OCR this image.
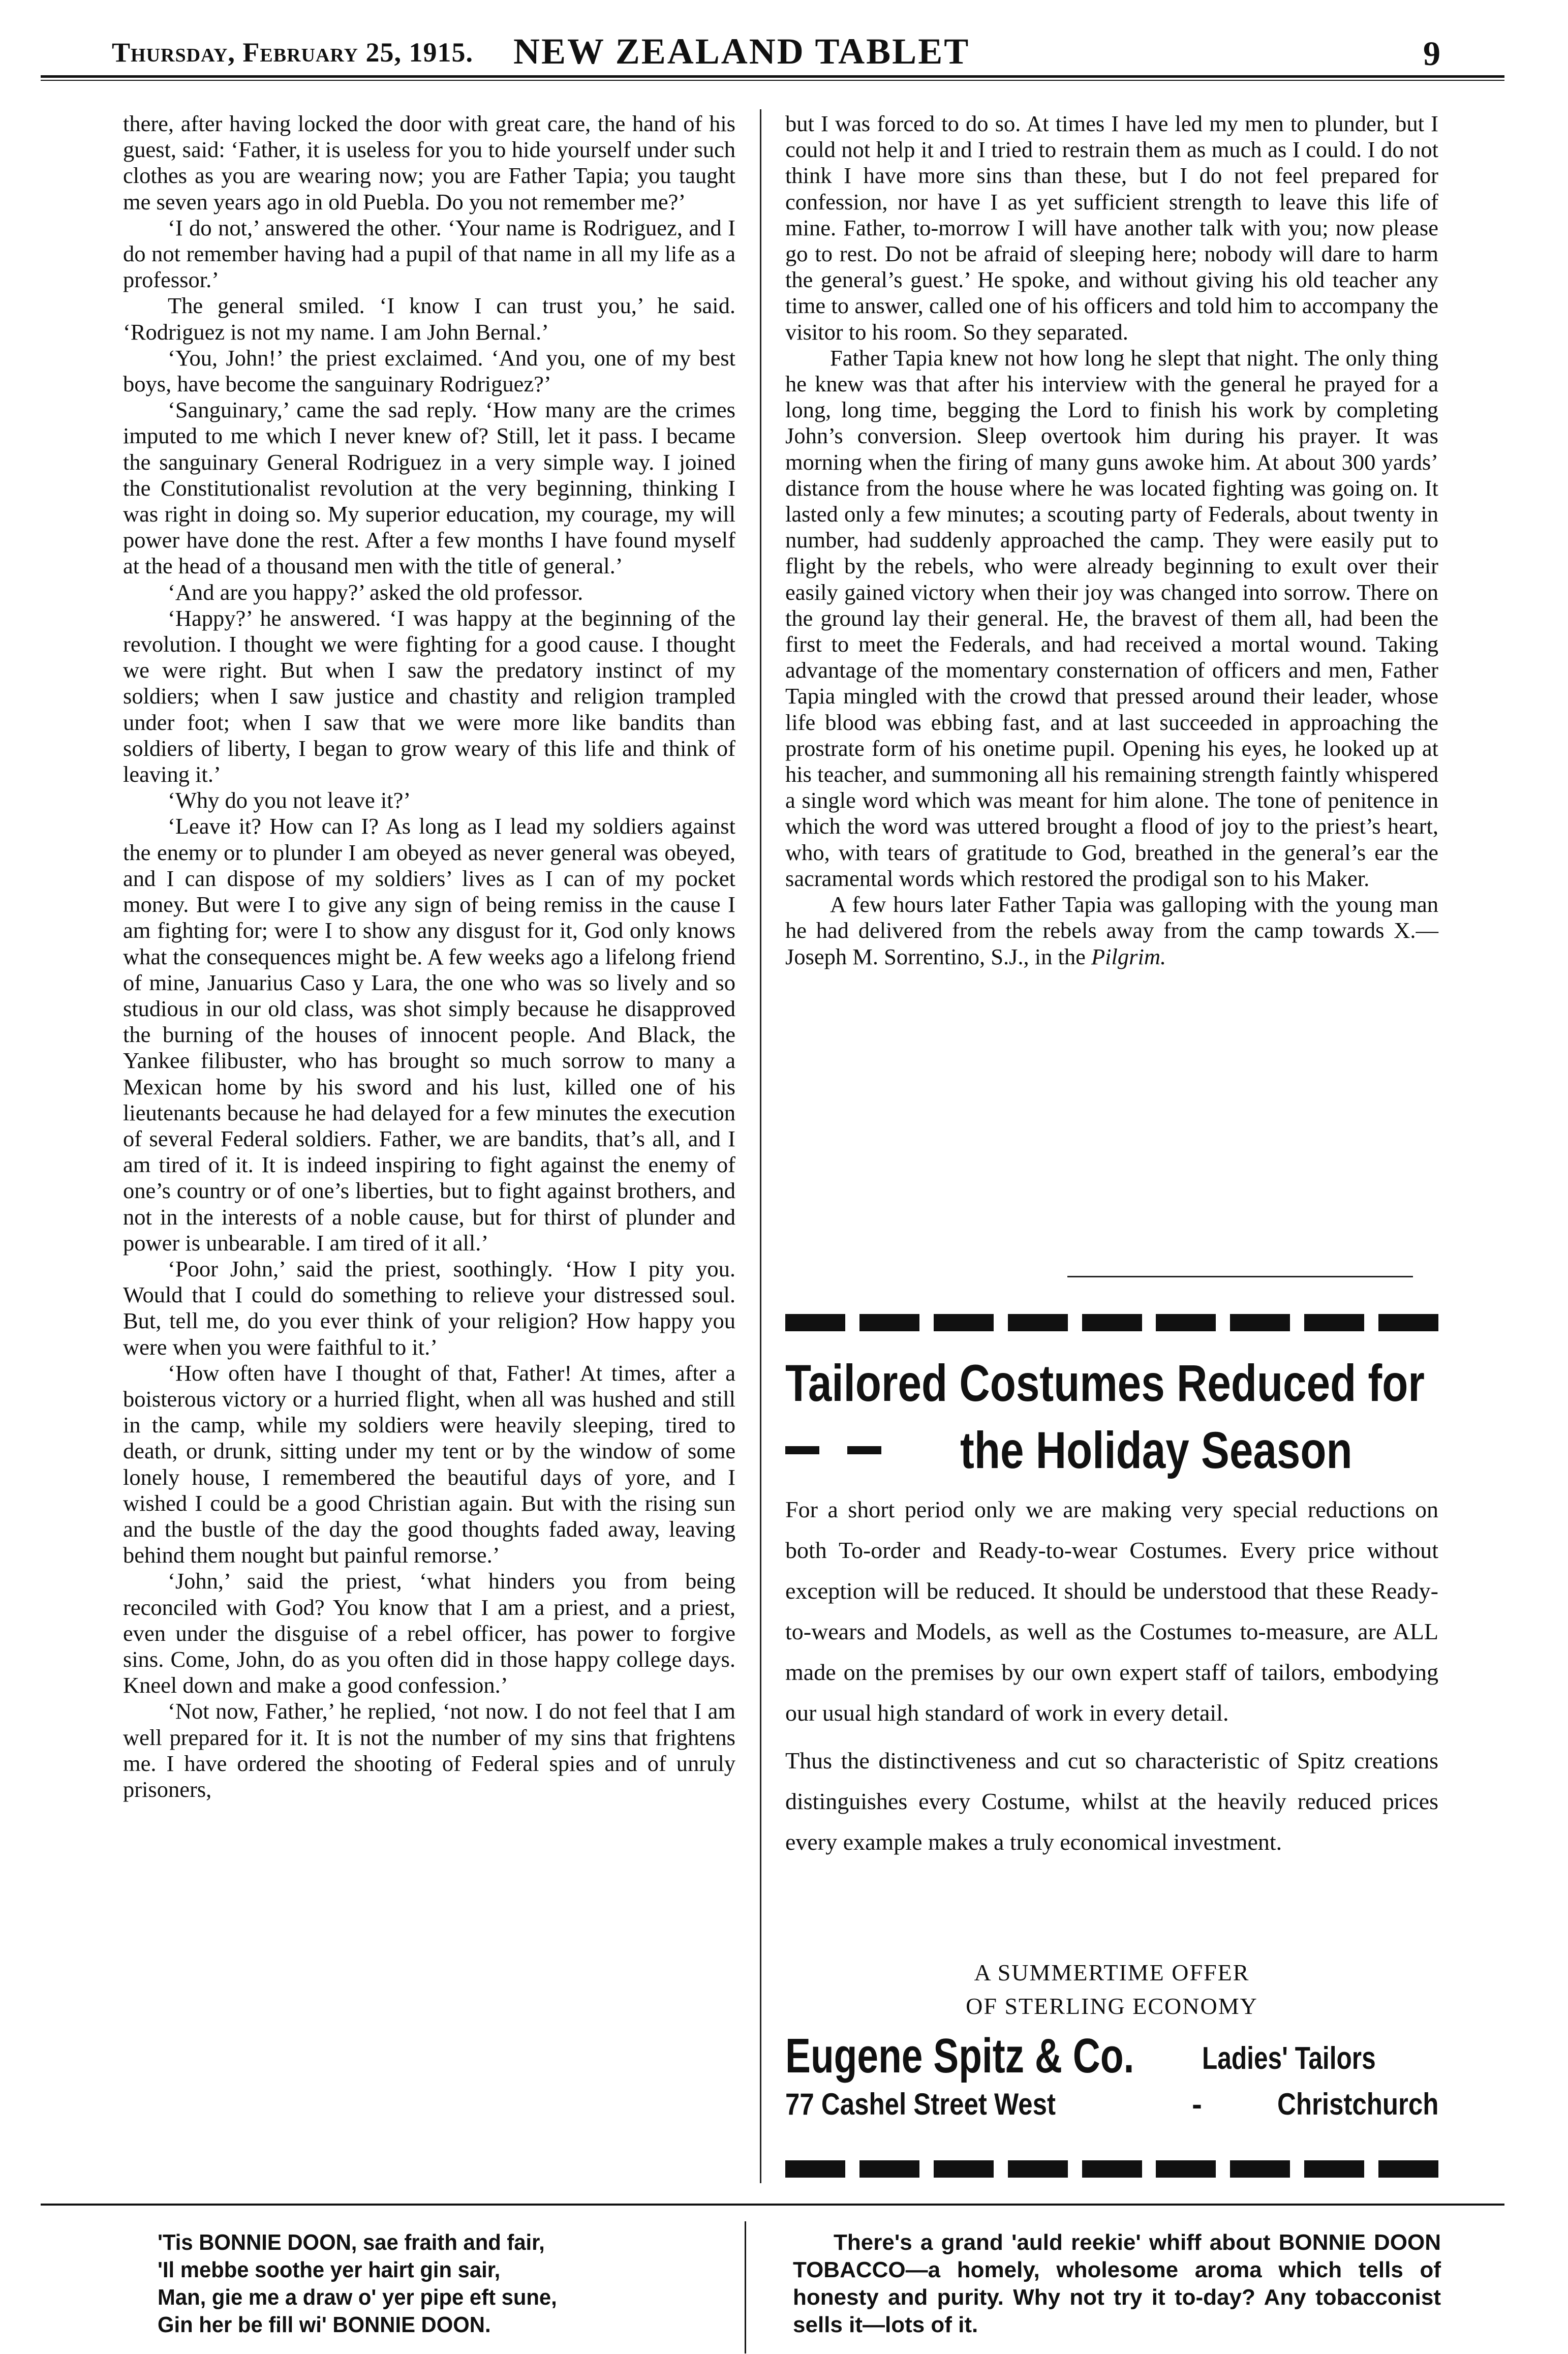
Thursday, February 25, 1915. NEW ZEALAND TABLET	9

there, after having locked the door with great care, the hand of his guest, said: ‘Father, it is useless for you to hide yourself under such clothes as you are wearing now; you are Father Tapia; you taught me seven years ago in old Puebla. Do you not remember me?’

‘I do not,’ answered the other. ‘Your name is Rodriguez, and I do not remember having had a pupil of that name in all my life as a professor.’

The general smiled. ‘I know I can trust you,’ he said. ‘Rodriguez is not my name. I am John Bernal.’

‘You, John!’ the priest exclaimed. ‘And you, one of my best boys, have become the sanguinary Rodriguez?’

‘Sanguinary,’ came the sad reply. ‘How many are the crimes imputed to me which I never knew of? Still, let it pass. I became the sanguinary General Rodriguez in a very simple way. I joined the Constitutionalist revolution at the very beginning, thinking I was right in doing so. My superior education, my courage, my will power have done the rest. After a few months I have found myself at the head of a thousand men with the title of general.’

‘And are you happy?’ asked the old professor.

‘Happy?’ he answered. ‘I was happy at the beginning of the revolution. I thought we were fighting for a good cause. I thought we were right. But when I saw the predatory instinct of my soldiers; when I saw justice and chastity and religion trampled under foot; when I saw that we were more like bandits than soldiers of liberty, I began to grow weary of this life and think of leaving it.’

‘Why do you not leave it?’

‘Leave it? How can I? As long as I lead my soldiers against the enemy or to plunder I am obeyed as never general was obeyed, and I can dispose of my soldiers’ lives as I can of my pocket money. But were I to give any sign of being remiss in the cause I am fighting for; were I to show any disgust for it, God only knows what the consequences might be. A few weeks ago a lifelong friend of mine, Januarius Caso y Lara, the one who was so lively and so studious in our old class, was shot simply because he disapproved the burning of the houses of innocent people. And Black, the Yankee filibuster, who has brought so much sorrow to many a Mexican home by his sword and his lust, killed one of his lieutenants because he had delayed for a few minutes the execution of several Federal soldiers. Father, we are bandits, that’s all, and I am tired of it. It is indeed inspiring to fight against the enemy of one’s country or of one’s liberties, but to fight against brothers, and not in the interests of a noble cause, but for thirst of plunder and power is unbearable. I am tired of it all.’

‘Poor John,’ said the priest, soothingly. ‘How I pity you. Would that I could do something to relieve your distressed soul. But, tell me, do you ever think of your religion? How happy you were when you were faithful to it.’

‘How often have I thought of that, Father! At times, after a boisterous victory or a hurried flight, when all was hushed and still in the camp, while my soldiers were heavily sleeping, tired to death, or drunk, sitting under my tent or by the window of some lonely house, I remembered the beautiful days of yore, and I wished I could be a good Christian again. But with the rising sun and the bustle of the day the good thoughts faded away, leaving behind them nought but painful remorse.’

‘John,’ said the priest, ‘what hinders you from being reconciled with God? You know that I am a priest, and a priest, even under the disguise of a rebel officer, has power to forgive sins. Come, John, do as you often did in those happy college days. Kneel down and make a good confession.’

‘Not now, Father,’ he replied, ‘not now. I do not feel that I am well prepared for it. It is not the number of my sins that frightens me. I have ordered the shooting of Federal spies and of unruly prisoners,

but I was forced to do so. At times I have led my men to plunder, but I could not help it and I tried to restrain them as much as I could. I do not think I have more sins than these, but I do not feel prepared for confession, nor have I as yet sufficient strength to leave this life of mine. Father, to-morrow I will have another talk with you; now please go to rest. Do not be afraid of sleeping here; nobody will dare to harm the general’s guest.’ He spoke, and without giving his old teacher any time to answer, called one of his officers and told him to accompany the visitor to his room. So they separated.

Father Tapia knew not how long he slept that night. The only thing he knew was that after his interview with the general he prayed for a long, long time, begging the Lord to finish his work by completing John’s conversion. Sleep overtook him during his prayer. It was morning when the firing of many guns awoke him. At about 300 yards’ distance from the house where he was located fighting was going on. It lasted only a few minutes; a scouting party of Federals, about twenty in number, had suddenly approached the camp. They were easily put to flight by the rebels, who were already beginning to exult over their easily gained victory when their joy was changed into sorrow. There on the ground lay their general. He, the bravest of them all, had been the first to meet the Federals, and had received a mortal wound. Taking advantage of the momentary consternation of officers and men, Father Tapia mingled with the crowd that pressed around their leader, whose life blood was ebbing fast, and at last succeeded in approaching the prostrate form of his onetime pupil. Opening his eyes, he looked up at his teacher, and summoning all his remaining strength faintly whispered a single word which was meant for him alone. The tone of penitence in which the word was uttered brought a flood of joy to the priest’s heart, who, with tears of gratitude to God, breathed in the general’s ear the sacramental words which restored the prodigal son to his Maker.

A few hours later Father Tapia was galloping with the young man he had delivered from the rebels away from the camp towards X.—Joseph M. Sorrentino, S.J., in the Pilgrim.

Tailored Costumes Reduced for
the Holiday Season

For a short period only we are making very special reductions on both To-order and Ready-to-wear Costumes. Every price without exception will be reduced. It should be understood that these Ready-to-wears and Models, as well as the Costumes to-measure, are ALL made on the premises by our own expert staff of tailors, embodying our usual high standard of work in every detail.

Thus the distinctiveness and cut so characteristic of Spitz creations distinguishes every Costume, whilst at the heavily reduced prices every example makes a truly economical investment.

A SUMMERTIME OFFER
OF STERLING ECONOMY
Eugene Spitz & Co. Ladies' Tailors
77 Cashel Street West	- Christchurch
'Tis BONNIE DOON, sae fraith and fair,
'Il mebbe soothe yer hairt gin sair,
Man, gie me a draw o' yer pipe eft sune,
Gin her be fill wi' BONNIE DOON.
There's a grand 'auld reekie' whiff about BONNIE DOON TOBACCO—a homely, wholesome aroma which tells of honesty and purity. Why not try it to-day? Any tobacconist sells it—lots of it.
